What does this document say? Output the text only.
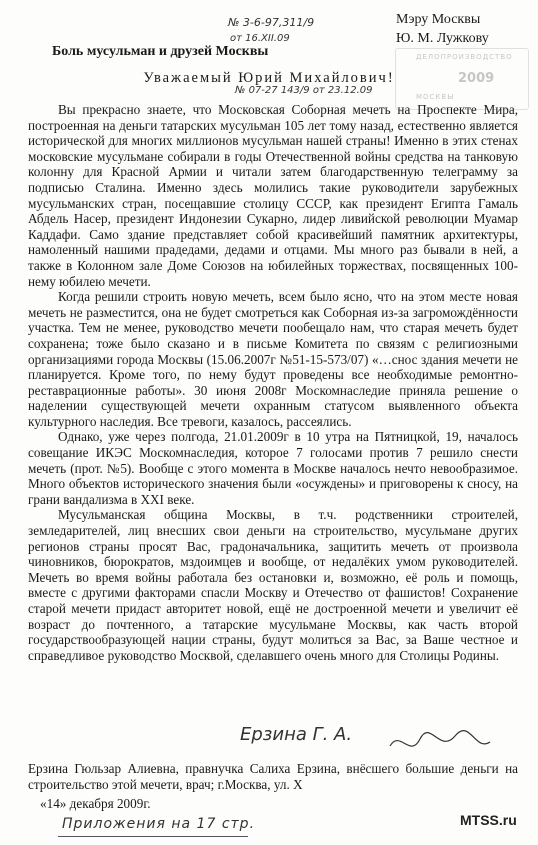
№ 3-6-97,311/9
от 16.XII.09
№ 07-27 143/9 от 23.12.09
Мэру Москвы
Ю. М. Лужкову
ДЕЛОПРОИЗВОДСТВО
2009
МОСКВЫ
Боль мусульман и друзей Москвы
Уважаемый Юрий Михайлович!

Вы прекрасно знаете, что Московская Соборная мечеть на Проспекте Мира, построенная на деньги татарских мусульман 105 лет тому назад, естественно является исторической для многих миллионов мусульман нашей страны! Именно в этих стенах московские мусульмане собирали в годы Отечественной войны средства на танковую колонну для Красной Армии и читали затем благодарственную телеграмму за подписью Сталина. Именно здесь молились такие руководители зарубежных мусульманских стран, посещавшие столицу СССР, как президент Египта Гамаль Абдель Насер, президент Индонезии Сукарно, лидер ливийской революции Муамар Каддафи. Само здание представляет собой красивейший памятник архитектуры, намоленный нашими прадедами, дедами и отцами. Мы много раз бывали в ней, а также в Колонном зале Доме Союзов на юбилейных торжествах, посвященных 100-нему юбилею мечети.

Когда решили строить новую мечеть, всем было ясно, что на этом месте новая мечеть не разместится, она не будет смотреться как Соборная из-за загромождённости участка. Тем не менее, руководство мечети пообещало нам, что старая мечеть будет сохранена; тоже было сказано и в письме Комитета по связям с религиозными организациями города Москвы (15.06.2007г №51-15-573/07) «…снос здания мечети не планируется. Кроме того, по нему будут проведены все необходимые ремонтно-реставрационные работы». 30 июня 2008г Москомнаследие приняла решение о наделении существующей мечети охранным статусом выявленного объекта культурного наследия. Все тревоги, казалось, рассеялись.

Однако, уже через полгода, 21.01.2009г в 10 утра на Пятницкой, 19, началось совещание ИКЭС Москомнаследия, которое 7 голосами против 7 решило снести мечеть (прот. №5). Вообще с этого момента в Москве началось нечто невообразимое. Много объектов исторического значения были «осуждены» и приговорены к сносу, на грани вандализма в XXI веке.

Мусульманская община Москвы, в т.ч. родственники строителей, земледарителей, лиц внесших свои деньги на строительство, мусульмане других регионов страны просят Вас, градоначальника, защитить мечеть от произвола чиновников, бюрократов, мздоимцев и вообще, от недалёких умом руководителей. Мечеть во время войны работала без остановки и, возможно, её роль и помощь, вместе с другими факторами спасли Москву и Отечество от фашистов! Сохранение старой мечети придаст авторитет новой, ещё не достроенной мечети и увеличит её возраст до почтенного, а татарские мусульмане Москвы, как часть второй государствообразующей нации страны, будут молиться за Вас, за Ваше честное и справедливое руководство Москвой, сделавшего очень много для Столицы Родины.

Ерзина Г. А.
Ерзина Гюльзар Алиевна, правнучка Салиха Ерзина, внёсшего большие деньги на строительство этой мечети, врач; г.Москва, ул. Х
«14» декабря 2009г.
Приложения на 17 стр.	MTSS.ru
